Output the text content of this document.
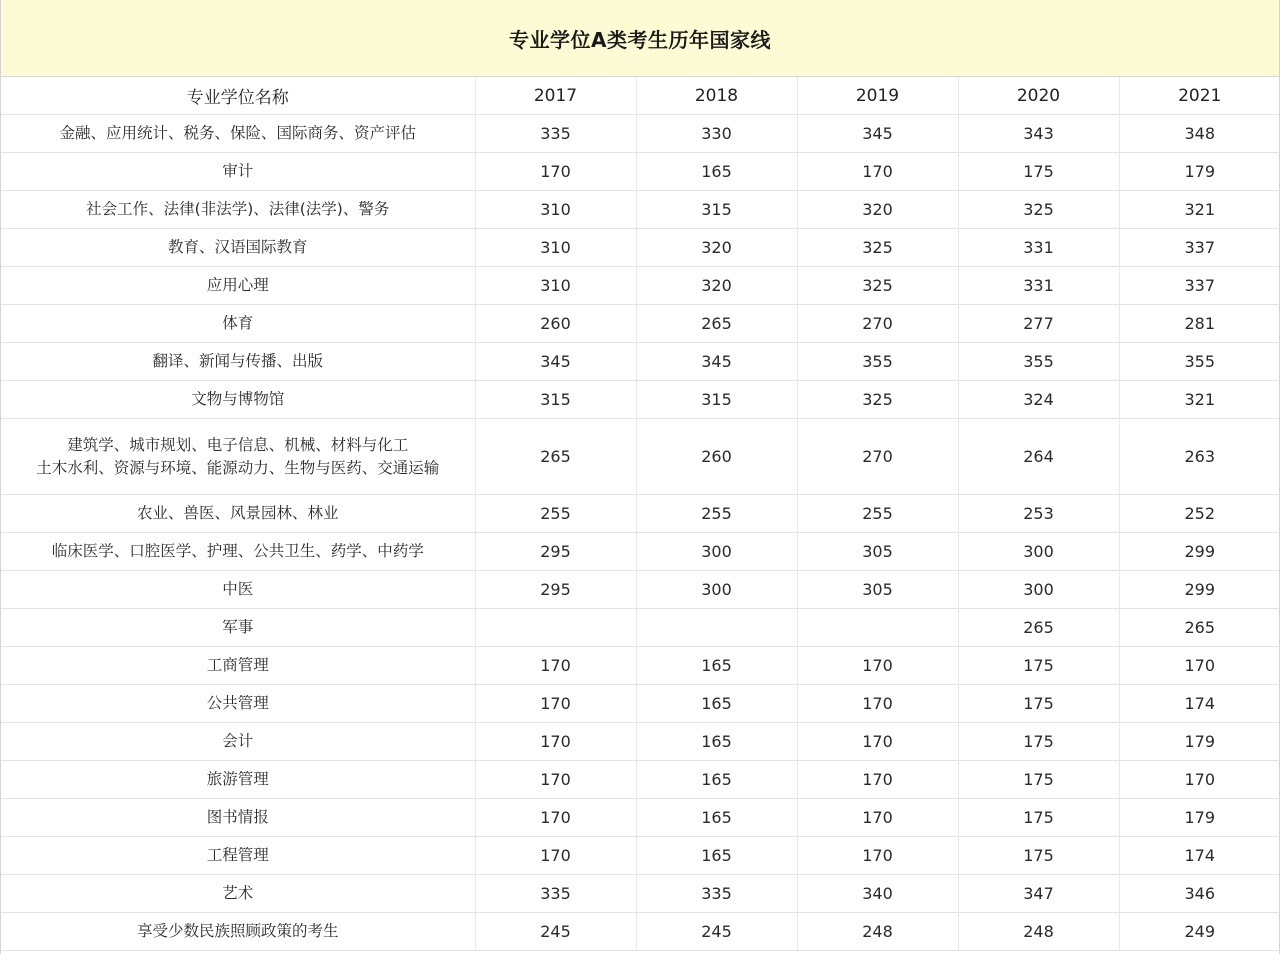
专业学位A类考生历年国家线
专业学位名称	2017	2018	2019	2020	2021

金融、应用统计、税务、保险、国际商务、资产评估	335	330	345	343	348

审计	170	165	170	175	179

社会工作、法律(非法学)、法律(法学)、警务	310	315	320	325	321

教育、汉语国际教育	310	320	325	331	337

应用心理	310	320	325	331	337

体育	260	265	270	277	281

翻译、新闻与传播、出版	345	345	355	355	355

文物与博物馆	315	315	325	324	321

建筑学、城市规划、电子信息、机械、材料与化工
土木水利、资源与环境、能源动力、生物与医药、交通运输	265	260	270	264	263

农业、兽医、风景园林、林业	255	255	255	253	252

临床医学、口腔医学、护理、公共卫生、药学、中药学	295	300	305	300	299

中医	295	300	305	300	299

军事				265	265

工商管理	170	165	170	175	170

公共管理	170	165	170	175	174

会计	170	165	170	175	179

旅游管理	170	165	170	175	170

图书情报	170	165	170	175	179

工程管理	170	165	170	175	174

艺术	335	335	340	347	346

享受少数民族照顾政策的考生	245	245	248	248	249
